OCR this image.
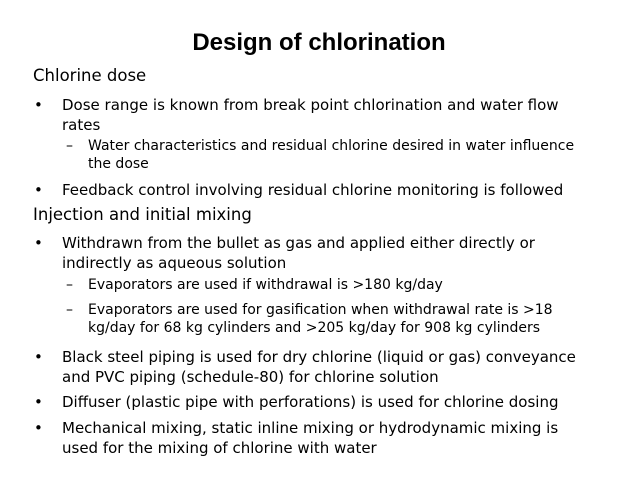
Design of chlorination
Chlorine dose
•	Dose range is known from break point chlorination and water flow rates
–	Water characteristics and residual chlorine desired in water influence the dose
•	Feedback control involving residual chlorine monitoring is followed
Injection and initial mixing
•	Withdrawn from the bullet as gas and applied either directly or indirectly as aqueous solution
–	Evaporators are used if withdrawal is >180 kg/day
–	Evaporators are used for gasification when withdrawal rate is >18 kg/day for 68 kg cylinders and >205 kg/day for 908 kg cylinders
•	Black steel piping is used for dry chlorine (liquid or gas) conveyance and PVC piping (schedule-80) for chlorine solution
•	Diffuser (plastic pipe with perforations) is used for chlorine dosing
•	Mechanical mixing, static inline mixing or hydrodynamic mixing is used for the mixing of chlorine with water
